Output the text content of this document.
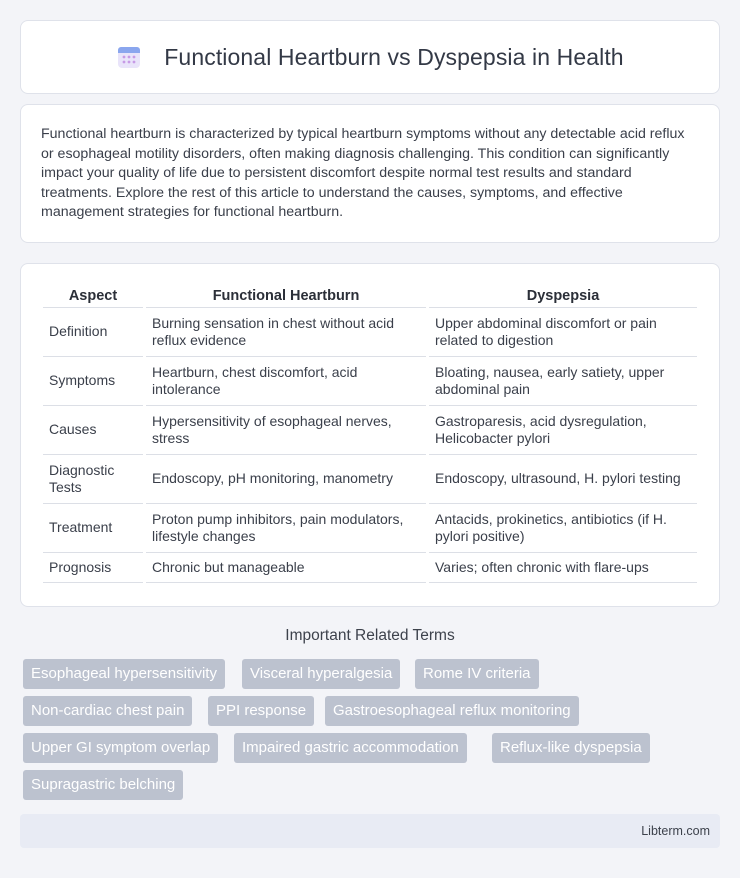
Functional Heartburn vs Dyspepsia in Health

Functional heartburn is characterized by typical heartburn symptoms without any detectable acid reflux or esophageal motility disorders, often making diagnosis challenging. This condition can significantly impact your quality of life due to persistent discomfort despite normal test results and standard treatments. Explore the rest of this article to understand the causes, symptoms, and effective management strategies for functional heartburn.

Aspect		Functional Heartburn		Dyspepsia
Definition		Burning sensation in chest without acid reflux evidence		Upper abdominal discomfort or pain related to digestion
Symptoms		Heartburn, chest discomfort, acid intolerance		Bloating, nausea, early satiety, upper abdominal pain
Causes		Hypersensitivity of esophageal nerves, stress		Gastroparesis, acid dysregulation, Helicobacter pylori
Diagnostic Tests		Endoscopy, pH monitoring, manometry		Endoscopy, ultrasound, H. pylori testing
Treatment		Proton pump inhibitors, pain modulators, lifestyle changes		Antacids, prokinetics, antibiotics (if H. pylori positive)
Prognosis		Chronic but manageable		Varies; often chronic with flare-ups
Important Related Terms
Esophageal hypersensitivity	Visceral hyperalgesia	Rome IV criteria
Non-cardiac chest pain	PPI response	Gastroesophageal reflux monitoring
Upper GI symptom overlap	Impaired gastric accommodation	Reflux-like dyspepsia
Supragastric belching
Libterm.com
